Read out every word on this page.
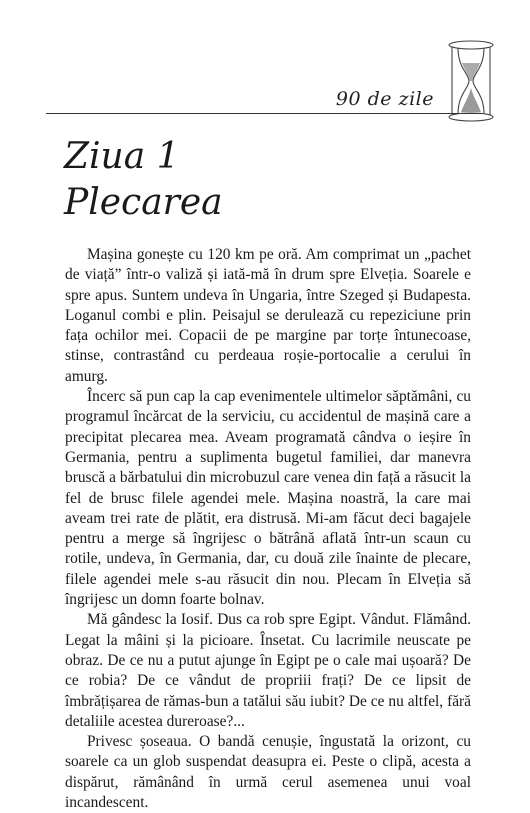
90 de zile
Ziua 1
Plecarea

Mașina gonește cu 120 km pe oră. Am comprimat un „pachet de viață” într-o valiză și iată-mă în drum spre Elveția. Soarele e spre apus. Suntem undeva în Ungaria, între Szeged și Budapesta. Loganul combi e plin. Peisajul se derulează cu repeziciune prin fața ochilor mei. Copacii de pe margine par torțe întunecoase, stinse, contrastând cu perdeaua roșie-portocalie a cerului în amurg.

Încerc să pun cap la cap evenimentele ultimelor săptămâni, cu programul încărcat de la serviciu, cu accidentul de mașină care a precipitat plecarea mea. Aveam programată cândva o ieșire în Germania, pentru a suplimenta bugetul familiei, dar manevra bruscă a bărbatului din microbuzul care venea din față a răsucit la fel de brusc filele agendei mele. Mașina noastră, la care mai aveam trei rate de plătit, era distrusă. Mi-am făcut deci bagajele pentru a merge să îngrijesc o bătrână aflată într-un scaun cu rotile, undeva, în Germania, dar, cu două zile înainte de plecare, filele agendei mele s-au răsucit din nou. Plecam în Elveția să îngrijesc un domn foarte bolnav.

Mă gândesc la Iosif. Dus ca rob spre Egipt. Vândut. Flămând. Legat la mâini și la picioare. Însetat. Cu lacrimile neuscate pe obraz. De ce nu a putut ajunge în Egipt pe o cale mai ușoară? De ce robia? De ce vândut de propriii frați? De ce lipsit de îmbrățișarea de rămas-bun a tatălui său iubit? De ce nu altfel, fără detaliile acestea dureroase?...

Privesc șoseaua. O bandă cenușie, îngustată la orizont, cu soarele ca un glob suspendat deasupra ei. Peste o clipă, acesta a dispărut, rămânând în urmă cerul asemenea unui voal incandescent.
